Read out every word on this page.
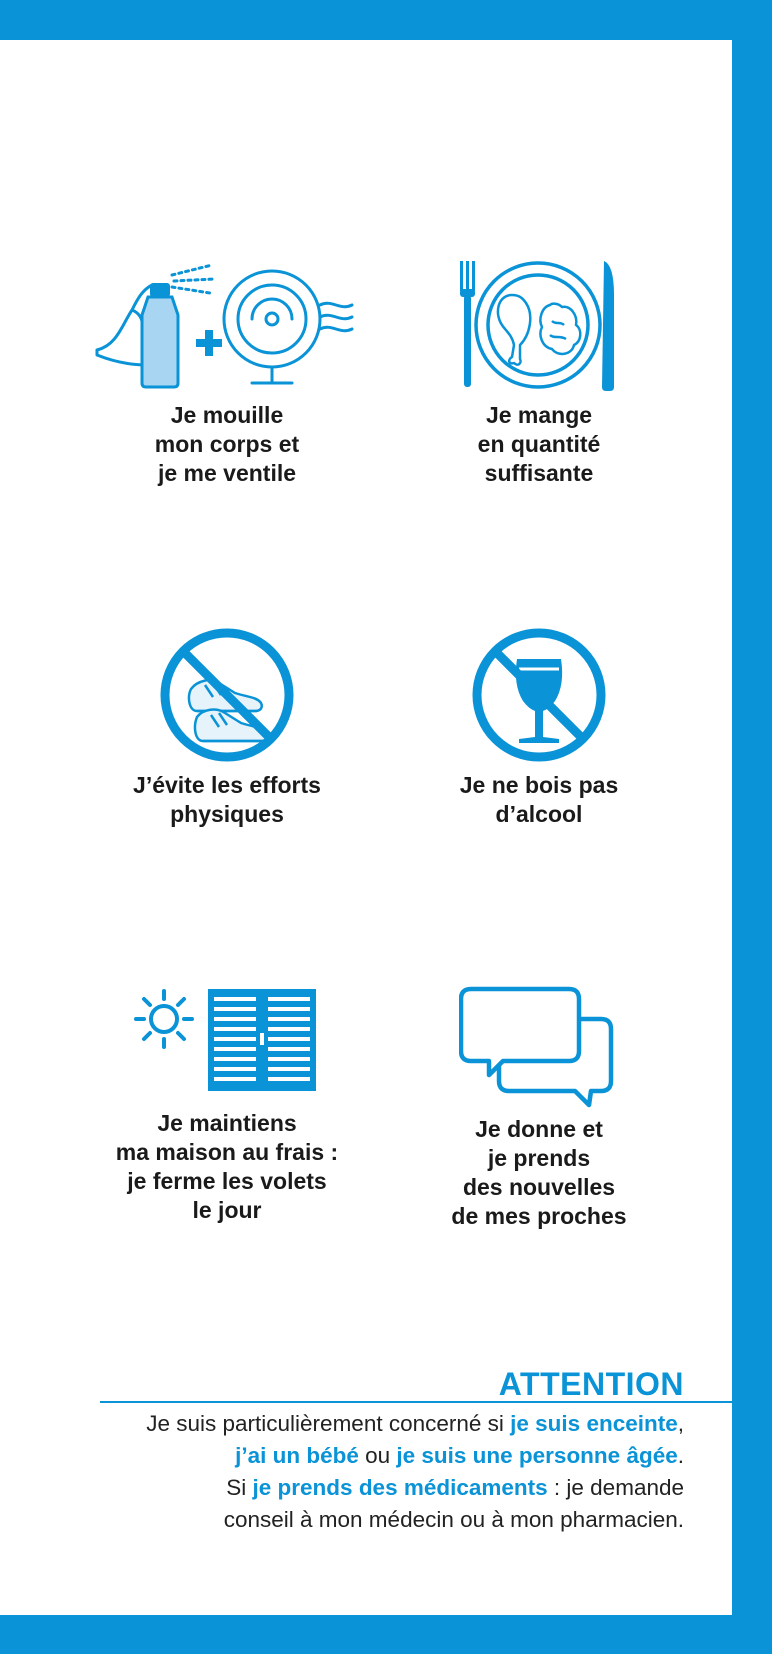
Je mouille
mon corps et
je me ventile
Je mange
en quantité
suffisante
J’évite les efforts
physiques
Je ne bois pas
d’alcool
Je maintiens
ma maison au frais :
je ferme les volets
le jour
Je donne et
je prends
des nouvelles
de mes proches
ATTENTION
Je suis particulièrement concerné si je suis enceinte,
j’ai un bébé ou je suis une personne âgée.
Si je prends des médicaments : je demande
conseil à mon médecin ou à mon pharmacien.
